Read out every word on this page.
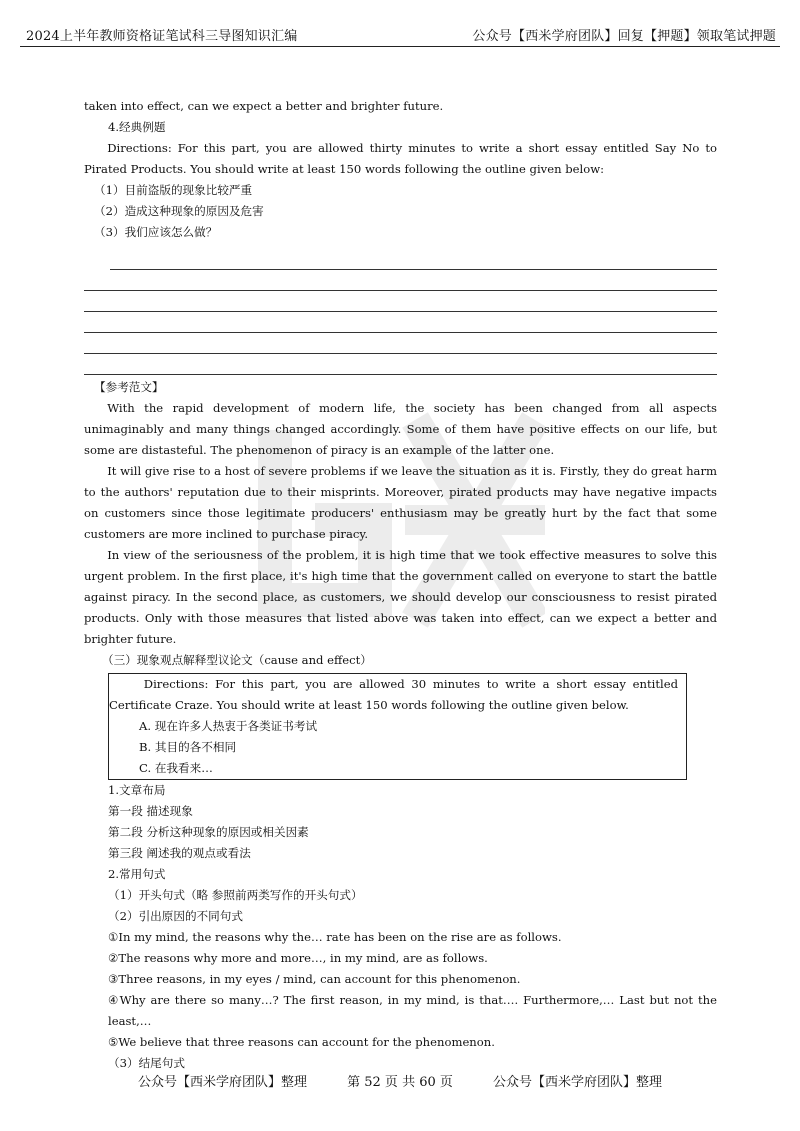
2024上半年教师资格证笔试科三导图知识汇编	公众号【西米学府团队】回复【押题】领取笔试押题

taken into effect, can we expect a better and brighter future.

4.经典例题

Directions: For this part, you are allowed thirty minutes to write a short essay entitled Say No to Pirated Products. You should write at least 150 words following the outline given below:

（1）目前盗版的现象比较严重

（2）造成这种现象的原因及危害

（3）我们应该怎么做？

【参考范文】

With the rapid development of modern life, the society has been changed from all aspects unimaginably and many things changed accordingly. Some of them have positive effects on our life, but some are distasteful. The phenomenon of piracy is an example of the latter one.

It will give rise to a host of severe problems if we leave the situation as it is. Firstly, they do great harm to the authors' reputation due to their misprints. Moreover, pirated products may have negative impacts on customers since those legitimate producers' enthusiasm may be greatly hurt by the fact that some customers are more inclined to purchase piracy.

In view of the seriousness of the problem, it is high time that we took effective measures to solve this urgent problem. In the first place, it's high time that the government called on everyone to start the battle against piracy. In the second place, as customers, we should develop our consciousness to resist pirated products. Only with those measures that listed above was taken into effect, can we expect a better and brighter future.

（三）现象观点解释型议论文（cause and effect）

Directions: For this part, you are allowed 30 minutes to write a short essay entitled Certificate Craze. You should write at least 150 words following the outline given below.

A. 现在许多人热衷于各类证书考试

B. 其目的各不相同

C. 在我看来…

1.文章布局

第一段 描述现象

第二段 分析这种现象的原因或相关因素

第三段 阐述我的观点或看法

2.常用句式

（1）开头句式（略 参照前两类写作的开头句式）

（2）引出原因的不同句式

①In my mind, the reasons why the… rate has been on the rise are as follows.

②The reasons why more and more…, in my mind, are as follows.

③Three reasons, in my eyes / mind, can account for this phenomenon.

④Why are there so many…? The first reason, in my mind, is that…. Furthermore,… Last but not the least,…

⑤We believe that three reasons can account for the phenomenon.

（3）结尾句式

公众号【西米学府团队】整理	第 52 页 共 60 页	公众号【西米学府团队】整理
